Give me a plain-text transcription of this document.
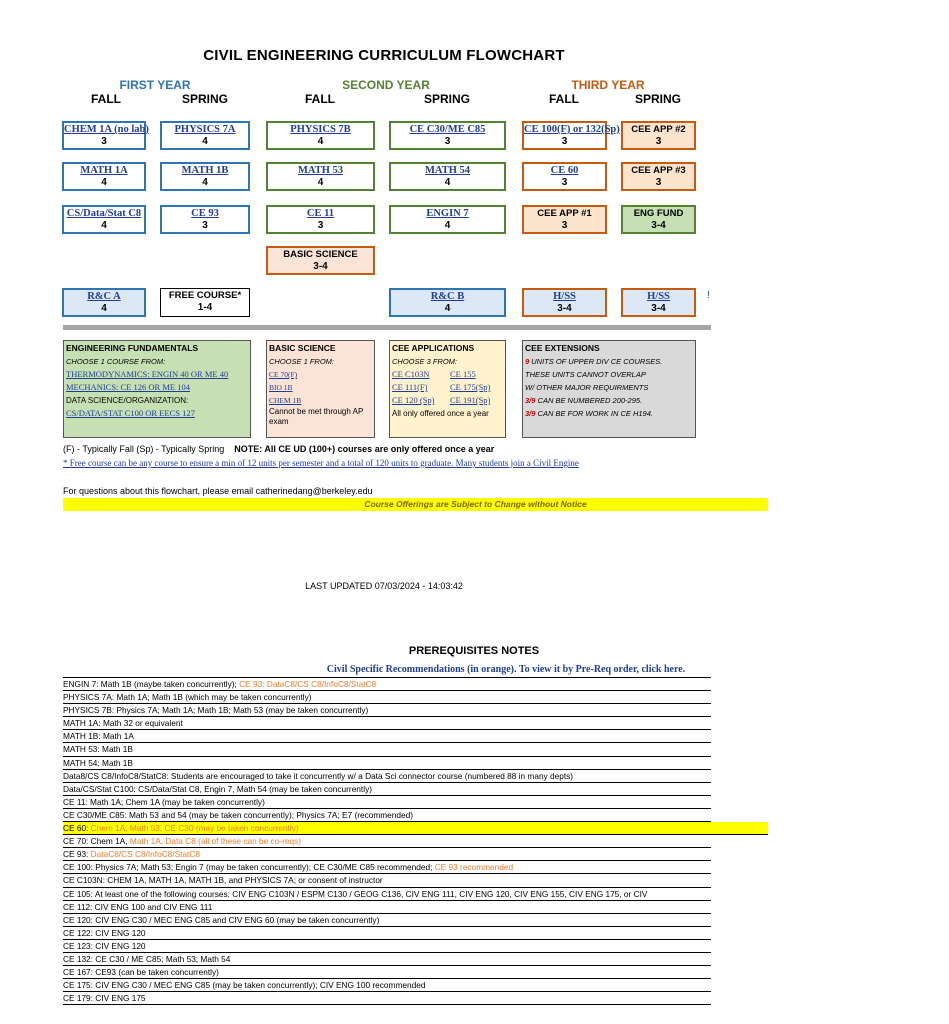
CIVIL ENGINEERING CURRICULUM FLOWCHART
FIRST YEAR
FALL	SPRING
SECOND YEAR
FALL	SPRING
THIRD YEAR
FALL	SPRING
CHEM 1A (no lab)
3
MATH 1A
4
CS/Data/Stat C8
4
R&C A
4
PHYSICS 7A
4
MATH 1B
4
CE 93
3
FREE COURSE*
1-4
PHYSICS 7B
4
MATH 53
4
CE 11
3
BASIC SCIENCE
3-4
CE C30/ME C85
3
MATH 54
4
ENGIN 7
4
R&C B
4
CE 100(F) or 132(Sp)
3
CE 60
3
CEE APP #1
3
H/SS
3-4
CEE APP #2
3
CEE APP #3
3
ENG FUND
3-4
H/SS
3-4
!
ENGINEERING FUNDAMENTALS
CHOOSE 1 COURSE FROM:
THERMODYNAMICS: ENGIN 40 OR ME 40
MECHANICS: CE 126 OR ME 104
DATA SCIENCE/ORGANIZATION:
CS/DATA/STAT C100 OR EECS 127
BASIC SCIENCE
CHOOSE 1 FROM:
CE 70(F)
BIO 1B
CHEM 1B
Cannot be met through AP exam
CEE APPLICATIONS
CHOOSE 3 FROM:
CE C103N CE 155
CE 111(F)	CE 175(Sp)
CE 120 (Sp) CE 191(Sp)
All only offered once a year
CEE EXTENSIONS
9 UNITS OF UPPER DIV CE COURSES.
THESE UNITS CANNOT OVERLAP
W/ OTHER MAJOR REQUIRMENTS
3/9 CAN BE NUMBERED 200-295.
3/9 CAN BE FOR WORK IN CE H194.
(F) - Typically Fall (Sp) - Typically Spring NOTE: All CE UD (100+) courses are only offered once a year
* Free course can be any course to ensure a min of 12 units per semester and a total of 120 units to graduate. Many students join a Civil Engine
For questions about this flowchart, please email catherinedang@berkeley.edu
Course Offerings are Subject to Change without Notice
LAST UPDATED 07/03/2024 - 14:03:42
PREREQUISITES NOTES
Civil Specific Recommendations (in orange). To view it by Pre-Req order, click here.
ENGIN 7: Math 1B (maybe taken concurrently); CE 93: DataC8/CS C8/InfoC8/StatC8
PHYSICS 7A: Math 1A; Math 1B (which may be taken concurrently)
PHYSICS 7B: Physics 7A; Math 1A; Math 1B; Math 53 (may be taken concurrently)
MATH 1A: Math 32 or equivalent
MATH 1B: Math 1A
MATH 53: Math 1B
MATH 54: Math 1B
Data8/CS C8/InfoC8/StatC8: Students are encouraged to take it concurrently w/ a Data Sci connector course (numbered 88 in many depts)
Data/CS/Stat C100: CS/Data/Stat C8, Engin 7, Math 54 (may be taken concurrently)
CE 11: Math 1A; Chem 1A (may be taken concurrently)
CE C30/ME C85: Math 53 and 54 (may be taken concurrently); Physics 7A; E7 (recommended)
CE 60: Chem 1A, Math 53, CE C30 (may be taken concurrently)
CE 70: Chem 1A, Math 1A, Data C8 (all of these can be co-reqs)
CE 93: DataC8/CS C8/InfoC8/StatC8
CE 100: Physics 7A; Math 53; Engin 7 (may be taken concurrently); CE C30/ME C85 recommended; CE 93 recommended
CE C103N: CHEM 1A, MATH 1A, MATH 1B, and PHYSICS 7A; or consent of instructor
CE 105: At least one of the following courses: CIV ENG C103N / ESPM C130 / GEOG C136, CIV ENG 111, CIV ENG 120, CIV ENG 155, CIV ENG 175, or CIV
CE 112: CIV ENG 100 and CIV ENG 111
CE 120: CIV ENG C30 / MEC ENG C85 and CIV ENG 60 (may be taken concurrently)
CE 122: CIV ENG 120
CE 123: CIV ENG 120
CE 132: CE C30 / ME C85; Math 53; Math 54
CE 167: CE93 (can be taken concurrently)
CE 175: CIV ENG C30 / MEC ENG C85 (may be taken concurrently); CIV ENG 100 recommended
CE 179: CIV ENG 175
